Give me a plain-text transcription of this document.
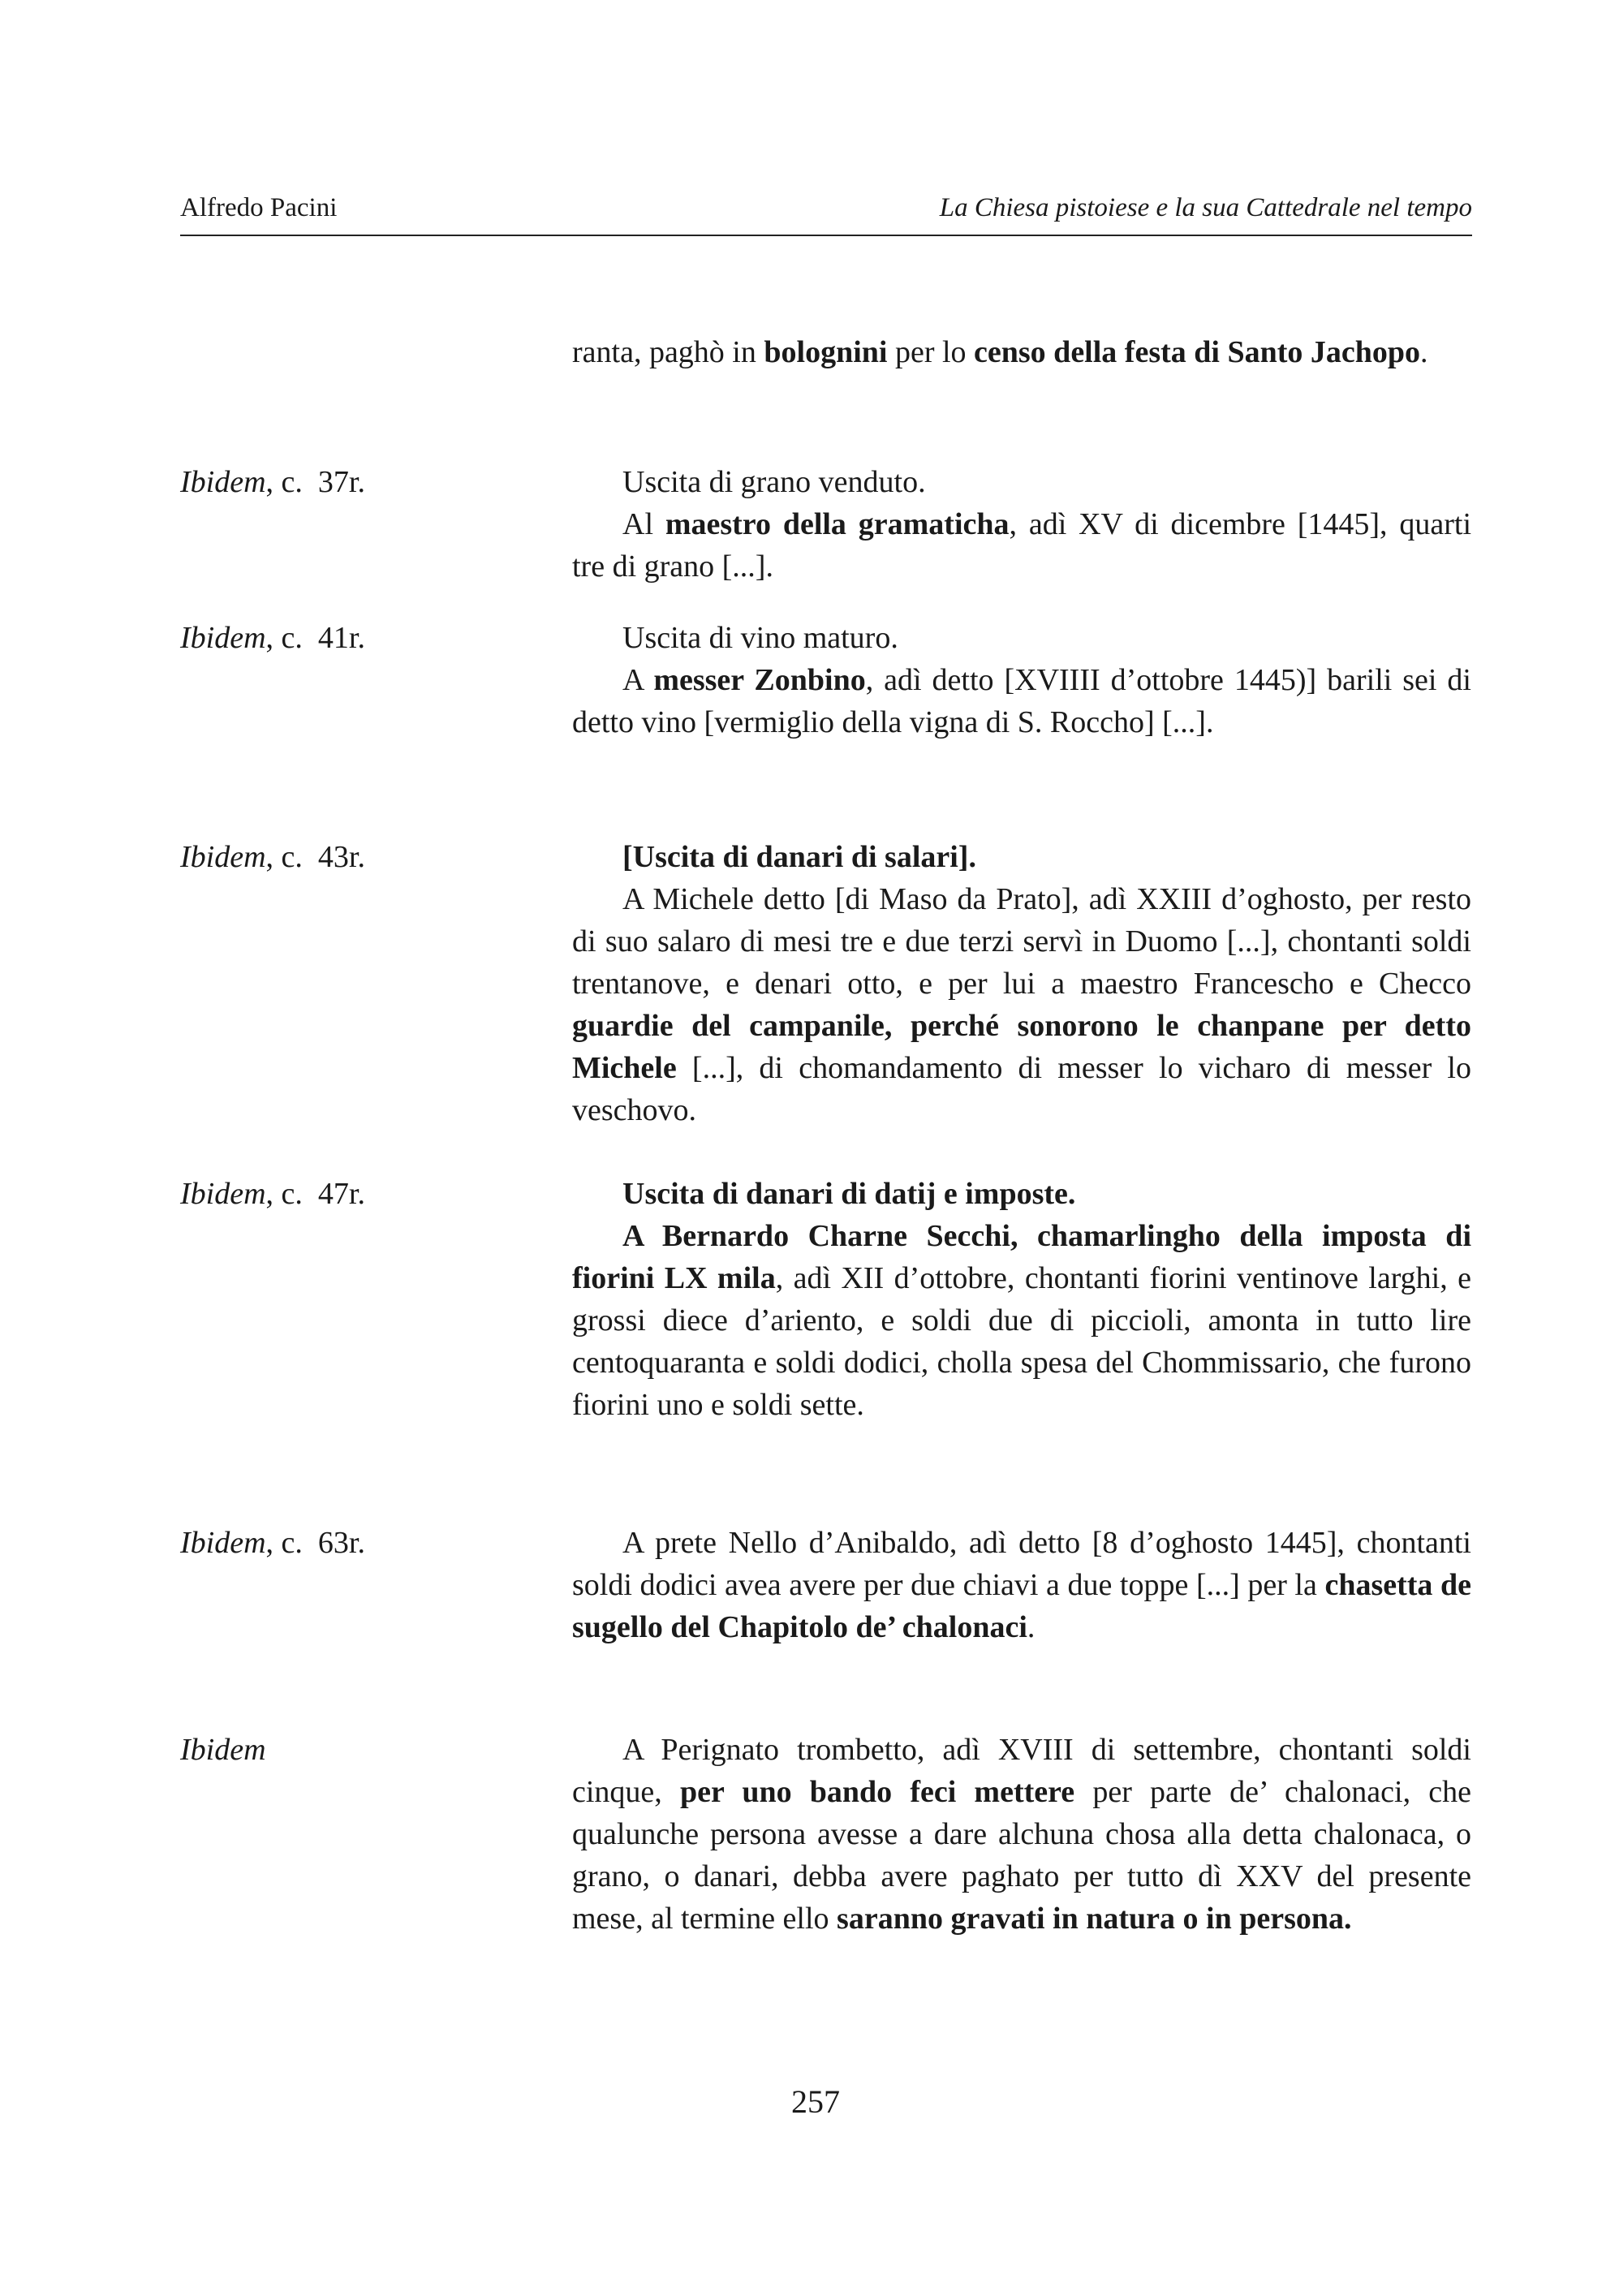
Alfredo Pacini	La Chiesa pistoiese e la sua Cattedrale nel tempo

ranta, paghò in bolognini per lo censo della festa di Santo Jachopo.

Ibidem, c.  37r.	Uscita di grano venduto.

Al maestro della gramaticha, adì XV di dicembre [1445], quarti tre di grano [...].

Ibidem, c.  41r.	Uscita di vino maturo.

A messer Zonbino, adì detto [XVIIII d’ottobre 1445)] barili sei di detto vino [vermiglio della vigna di S. Roccho] [...].

Ibidem, c.  43r.	[Uscita di danari di salari].

A Michele detto [di Maso da Prato], adì XXIII d’oghosto, per resto di suo salaro di mesi tre e due terzi servì in Duomo [...], chontanti soldi trentanove, e denari otto, e per lui a maestro Francescho e Checco guardie del campanile, perché sonorono le chanpane per detto Michele [...], di chomandamento di messer lo vicharo di messer lo veschovo.

Ibidem, c.  47r.	Uscita di danari di datij e imposte.

A Bernardo Charne Secchi, chamarlingho della imposta di fiorini LX mila, adì XII d’ottobre, chontanti fiorini ventinove larghi, e grossi diece d’ariento, e soldi due di piccioli, amonta in tutto lire centoquaranta e soldi dodici, cholla spesa del Chommissario, che furono fiorini uno e soldi sette.

Ibidem, c.  63r.	A prete Nello d’Anibaldo, adì detto [8 d’oghosto 1445], chontanti soldi dodici avea avere per due chiavi a due toppe [...] per la chasetta de sugello del Chapitolo de’ chalonaci.

Ibidem	A Perignato trombetto, adì XVIII di settembre, chontanti soldi cinque, per uno bando feci mettere per parte de’ chalonaci, che qualunche persona avesse a dare alchuna chosa alla detta chalonaca, o grano, o danari, debba avere paghato per tutto dì XXV del presente mese, al termine ello saranno gravati in natura o in persona.

257
